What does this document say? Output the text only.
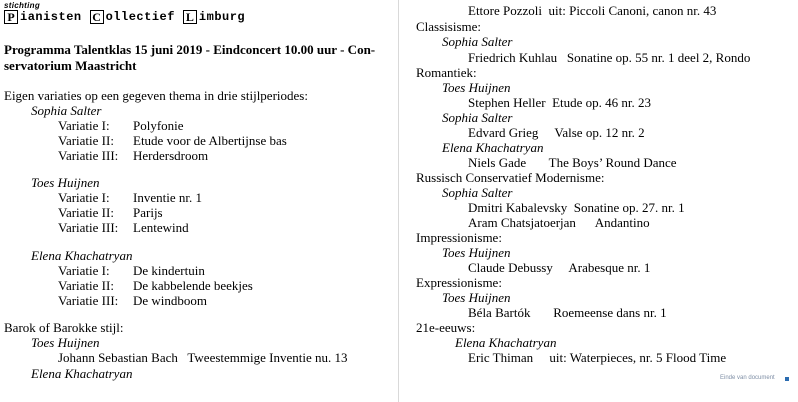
stichting
P ianisten C ollectief L imburg
Programma Talentklas 15 juni 2019 - Eindconcert 10.00 uur - Con-
servatorium Maastricht
Eigen variaties op een gegeven thema in drie stijlperiodes:
Sophia Salter
Variatie I: Polyfonie
Variatie II: Etude voor de Albertijnse bas
Variatie III: Herdersdroom
Toes Huijnen
Variatie I: Inventie nr. 1
Variatie II: Parijs
Variatie III: Lentewind
Elena Khachatryan
Variatie I: De kindertuin
Variatie II: De kabbelende beekjes
Variatie III: De windboom
Barok of Barokke stijl:
Toes Huijnen
Johann Sebastian Bach   Tweestemmige Inventie nu. 13
Elena Khachatryan
Ettore Pozzoli  uit: Piccoli Canoni, canon nr. 43
Classisisme:
Sophia Salter
Friedrich Kuhlau   Sonatine op. 55 nr. 1 deel 2, Rondo
Romantiek:
Toes Huijnen
Stephen Heller  Etude op. 46 nr. 23
Sophia Salter
Edvard Grieg     Valse op. 12 nr. 2
Elena Khachatryan
Niels Gade       The Boys’ Round Dance
Russisch Conservatief Modernisme:
Sophia Salter
Dmitri Kabalevsky  Sonatine op. 27. nr. 1
Aram Chatsjatoerjan      Andantino
Impressionisme:
Toes Huijnen
Claude Debussy     Arabesque nr. 1
Expressionisme:
Toes Huijnen
Béla Bartók       Roemeense dans nr. 1
21e-eeuws:
Elena Khachatryan
Eric Thiman     uit: Waterpieces, nr. 5 Flood Time
Einde van document
